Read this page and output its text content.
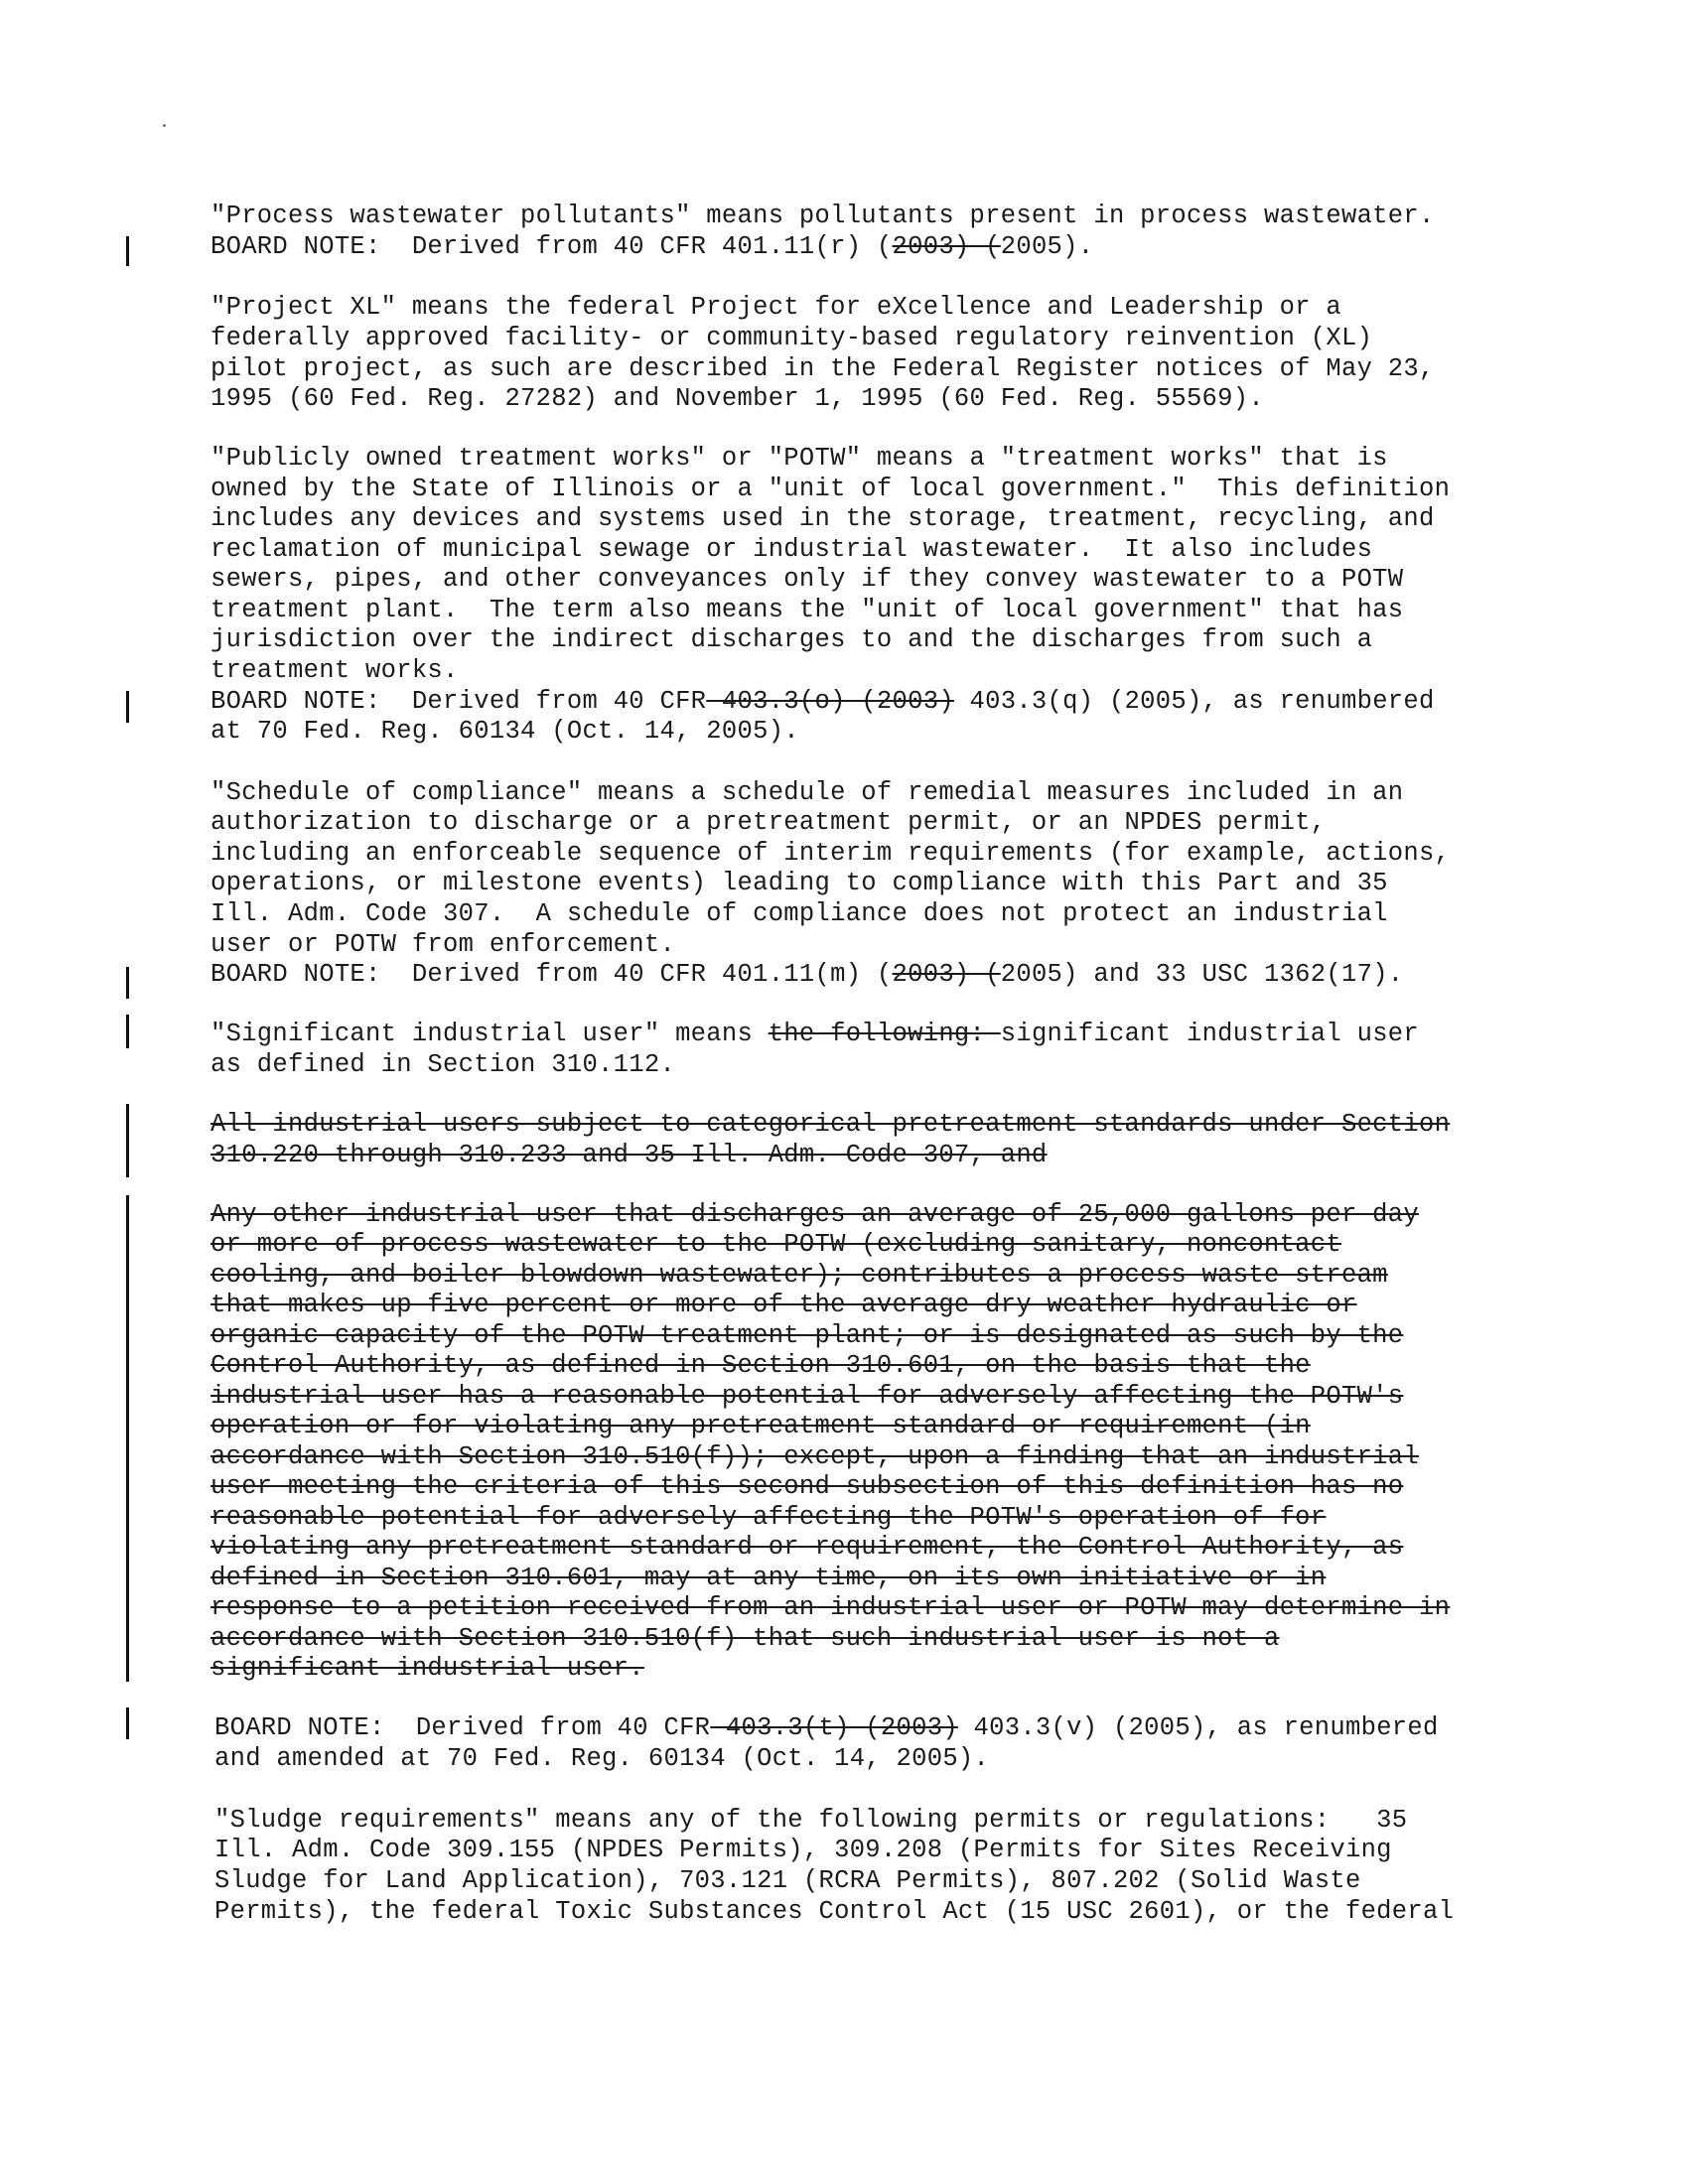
"Process wastewater pollutants" means pollutants present in process wastewater.
BOARD NOTE:  Derived from 40 CFR 401.11(r) (2003) (2005).
"Project XL" means the federal Project for eXcellence and Leadership or a
federally approved facility- or community-based regulatory reinvention (XL)
pilot project, as such are described in the Federal Register notices of May 23,
1995 (60 Fed. Reg. 27282) and November 1, 1995 (60 Fed. Reg. 55569).
"Publicly owned treatment works" or "POTW" means a "treatment works" that is
owned by the State of Illinois or a "unit of local government."  This definition
includes any devices and systems used in the storage, treatment, recycling, and
reclamation of municipal sewage or industrial wastewater.  It also includes
sewers, pipes, and other conveyances only if they convey wastewater to a POTW
treatment plant.  The term also means the "unit of local government" that has
jurisdiction over the indirect discharges to and the discharges from such a
treatment works.
BOARD NOTE:  Derived from 40 CFR 403.3(o) (2003) 403.3(q) (2005), as renumbered
at 70 Fed. Reg. 60134 (Oct. 14, 2005).
"Schedule of compliance" means a schedule of remedial measures included in an
authorization to discharge or a pretreatment permit, or an NPDES permit,
including an enforceable sequence of interim requirements (for example, actions,
operations, or milestone events) leading to compliance with this Part and 35
Ill. Adm. Code 307.  A schedule of compliance does not protect an industrial
user or POTW from enforcement.
BOARD NOTE:  Derived from 40 CFR 401.11(m) (2003) (2005) and 33 USC 1362(17).
"Significant industrial user" means the following: significant industrial user
as defined in Section 310.112.
All industrial users subject to categorical pretreatment standards under Section
310.220 through 310.233 and 35 Ill. Adm. Code 307, and
Any other industrial user that discharges an average of 25,000 gallons per day
or more of process wastewater to the POTW (excluding sanitary, noncontact
cooling, and boiler blowdown wastewater); contributes a process waste stream
that makes up five percent or more of the average dry weather hydraulic or
organic capacity of the POTW treatment plant; or is designated as such by the
Control Authority, as defined in Section 310.601, on the basis that the
industrial user has a reasonable potential for adversely affecting the POTW's
operation or for violating any pretreatment standard or requirement (in
accordance with Section 310.510(f)); except, upon a finding that an industrial
user meeting the criteria of this second subsection of this definition has no
reasonable potential for adversely affecting the POTW's operation of for
violating any pretreatment standard or requirement, the Control Authority, as
defined in Section 310.601, may at any time, on its own initiative or in
response to a petition received from an industrial user or POTW may determine in
accordance with Section 310.510(f) that such industrial user is not a
significant industrial user.
BOARD NOTE:  Derived from 40 CFR 403.3(t) (2003) 403.3(v) (2005), as renumbered
and amended at 70 Fed. Reg. 60134 (Oct. 14, 2005).
"Sludge requirements" means any of the following permits or regulations:   35
Ill. Adm. Code 309.155 (NPDES Permits), 309.208 (Permits for Sites Receiving
Sludge for Land Application), 703.121 (RCRA Permits), 807.202 (Solid Waste
Permits), the federal Toxic Substances Control Act (15 USC 2601), or the federal
